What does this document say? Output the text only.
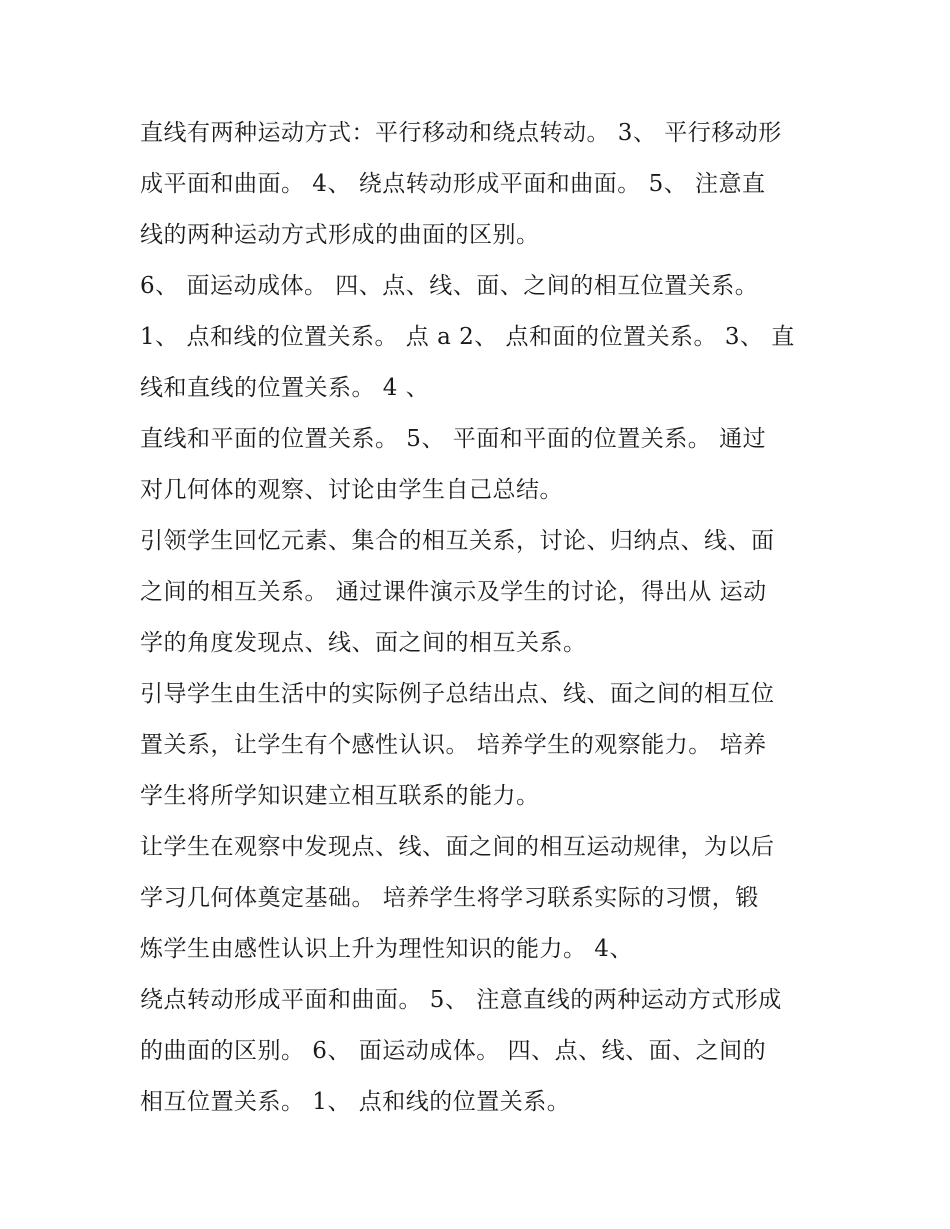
直线有两种运动方式：平行移动和绕点转动。 3、 平行移动形
成平面和曲面。 4、 绕点转动形成平面和曲面。 5、 注意直
线的两种运动方式形成的曲面的区别。
6、 面运动成体。 四、点、线、面、之间的相互位置关系。
1、 点和线的位置关系。 点 a 2、 点和面的位置关系。 3、 直
线和直线的位置关系。 4 、
直线和平面的位置关系。 5、 平面和平面的位置关系。 通过
对几何体的观察、讨论由学生自己总结。
引领学生回忆元素、集合的相互关系，讨论、归纳点、线、面
之间的相互关系。 通过课件演示及学生的讨论，得出从 运动
学的角度发现点、线、面之间的相互关系。
引导学生由生活中的实际例子总结出点、线、面之间的相互位
置关系，让学生有个感性认识。 培养学生的观察能力。 培养
学生将所学知识建立相互联系的能力。
让学生在观察中发现点、线、面之间的相互运动规律，为以后
学习几何体奠定基础。 培养学生将学习联系实际的习惯，锻
炼学生由感性认识上升为理性知识的能力。 4、
绕点转动形成平面和曲面。 5、 注意直线的两种运动方式形成
的曲面的区别。 6、 面运动成体。 四、点、线、面、之间的
相互位置关系。 1、 点和线的位置关系。
